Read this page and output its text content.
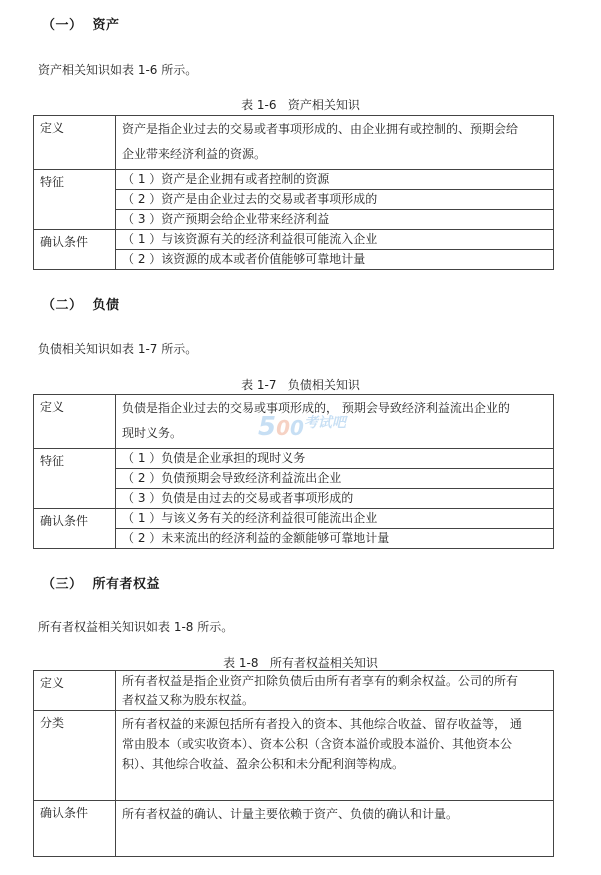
（一）  资产
资产相关知识如表 1-6 所示。
表 1-6   资产相关知识
定义	资产是指企业过去的交易或者事项形成的、由企业拥有或控制的、预期会给
企业带来经济利益的资源。

特征	（ 1 ）资产是企业拥有或者控制的资源
	（ 2 ）资产是由企业过去的交易或者事项形成的
	（ 3 ）资产预期会给企业带来经济利益
确认条件	（ 1 ）与该资源有关的经济利益很可能流入企业
	（ 2 ）该资源的成本或者价值能够可靠地计量
（二）  负债
负债相关知识如表 1-7 所示。
表 1-7   负债相关知识
定义	负债是指企业过去的交易或事项形成的， 预期会导致经济利益流出企业的
现时义务。

特征	（ 1 ）负债是企业承担的现时义务
	（ 2 ）负债预期会导致经济利益流出企业
	（ 3 ）负债是由过去的交易或者事项形成的
确认条件	（ 1 ）与该义务有关的经济利益很可能流出企业
	（ 2 ）未来流出的经济利益的金额能够可靠地计量
（三）  所有者权益
所有者权益相关知识如表 1-8 所示。
表 1-8   所有者权益相关知识
定义	所有者权益是指企业资产扣除负债后由所有者享有的剩余权益。公司的所有
者权益又称为股东权益。

分类	所有者权益的来源包括所有者投入的资本、其他综合收益、留存收益等， 通
常由股本（或实收资本）、资本公积（含资本溢价或股本溢价、其他资本公
积）、其他综合收益、盈余公积和未分配利润等构成。

确认条件	所有者权益的确认、计量主要依赖于资产、负债的确认和计量。
$500^{考试吧}$
